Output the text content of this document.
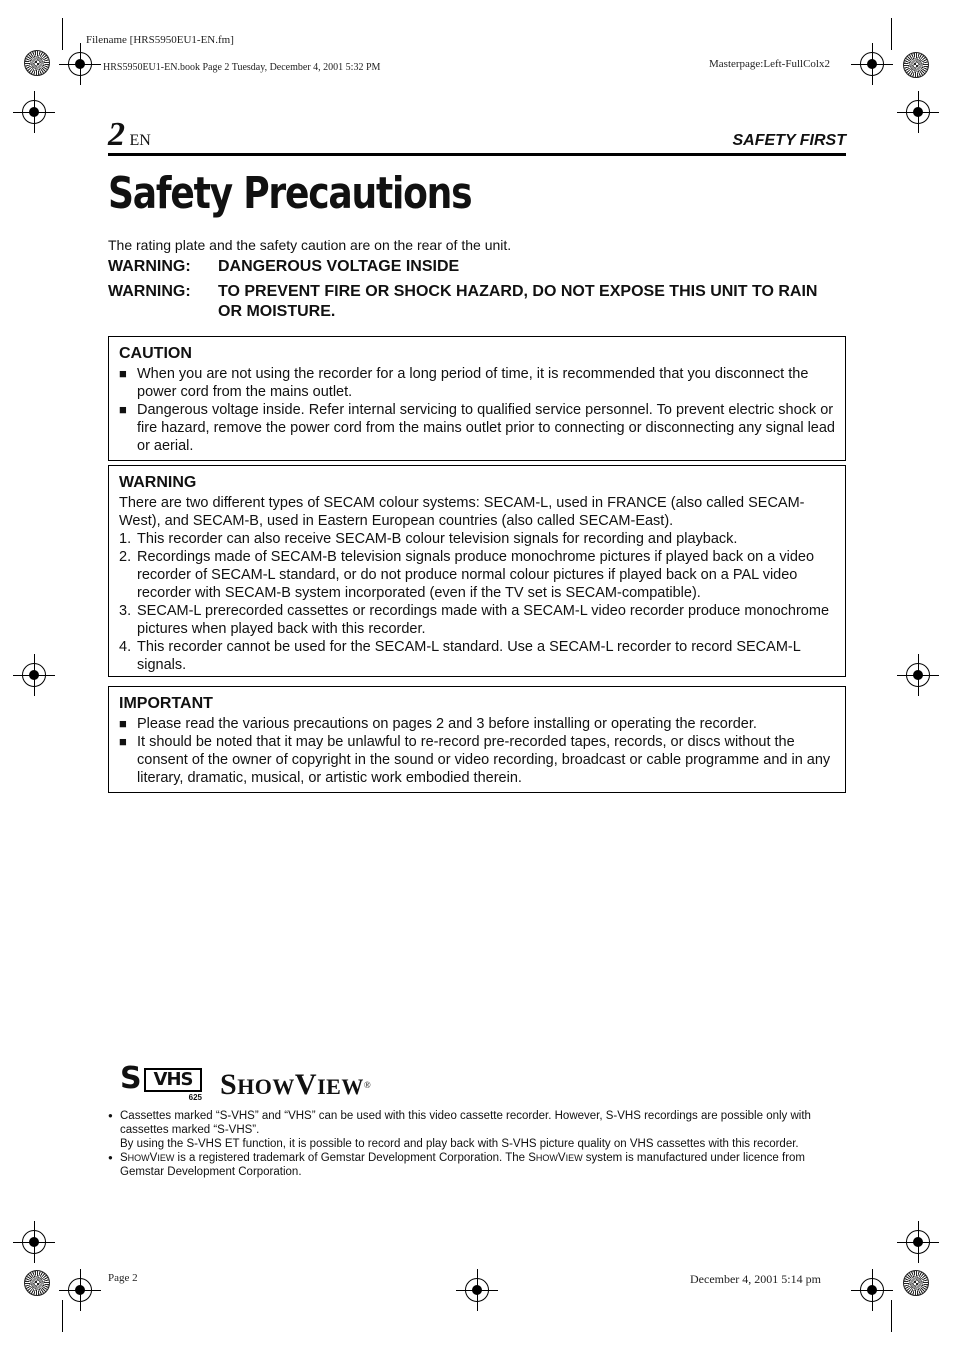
Filename [HRS5950EU1-EN.fm]
HRS5950EU1-EN.book Page 2 Tuesday, December 4, 2001 5:32 PM	Masterpage:Left-FullColx2
Page 2	December 4, 2001 5:14 pm
2 EN	SAFETY FIRST
Safety Precautions
The rating plate and the safety caution are on the rear of the unit.
WARNING:	DANGEROUS VOLTAGE INSIDE
WARNING:	TO PREVENT FIRE OR SHOCK HAZARD, DO NOT EXPOSE THIS UNIT TO RAIN OR MOISTURE.
CAUTION
■ When you are not using the recorder for a long period of time, it is recommended that you disconnect the power cord from the mains outlet.
■ Dangerous voltage inside. Refer internal servicing to qualified service personnel. To prevent electric shock or fire hazard, remove the power cord from the mains outlet prior to connecting or disconnecting any signal lead or aerial.
WARNING

There are two different types of SECAM colour systems: SECAM-L, used in FRANCE (also called SECAM-West), and SECAM-B, used in Eastern European countries (also called SECAM-East).

1. This recorder can also receive SECAM-B colour television signals for recording and playback.
2. Recordings made of SECAM-B television signals produce monochrome pictures if played back on a video recorder of SECAM-L standard, or do not produce normal colour pictures if played back on a PAL video recorder with SECAM-B system incorporated (even if the TV set is SECAM-compatible).
3. SECAM-L prerecorded cassettes or recordings made with a SECAM-L video recorder produce monochrome pictures when played back with this recorder.
4. This recorder cannot be used for the SECAM-L standard. Use a SECAM-L recorder to record SECAM-L signals.
IMPORTANT
■ Please read the various precautions on pages 2 and 3 before installing or operating the recorder.
■ It should be noted that it may be unlawful to re-record pre-recorded tapes, records, or discs without the consent of the owner of copyright in the sound or video recording, broadcast or cable programme and in any literary, dramatic, musical, or artistic work embodied therein.
S VHS
625 SHOWVIEW®
● Cassettes marked “S-VHS” and “VHS” can be used with this video cassette recorder. However, S-VHS recordings are possible only with cassettes marked “S-VHS”.
By using the S-VHS ET function, it is possible to record and play back with S-VHS picture quality on VHS cassettes with this recorder.
● SHOWVIEW is a registered trademark of Gemstar Development Corporation. The SHOWVIEW system is manufactured under licence from Gemstar Development Corporation.
